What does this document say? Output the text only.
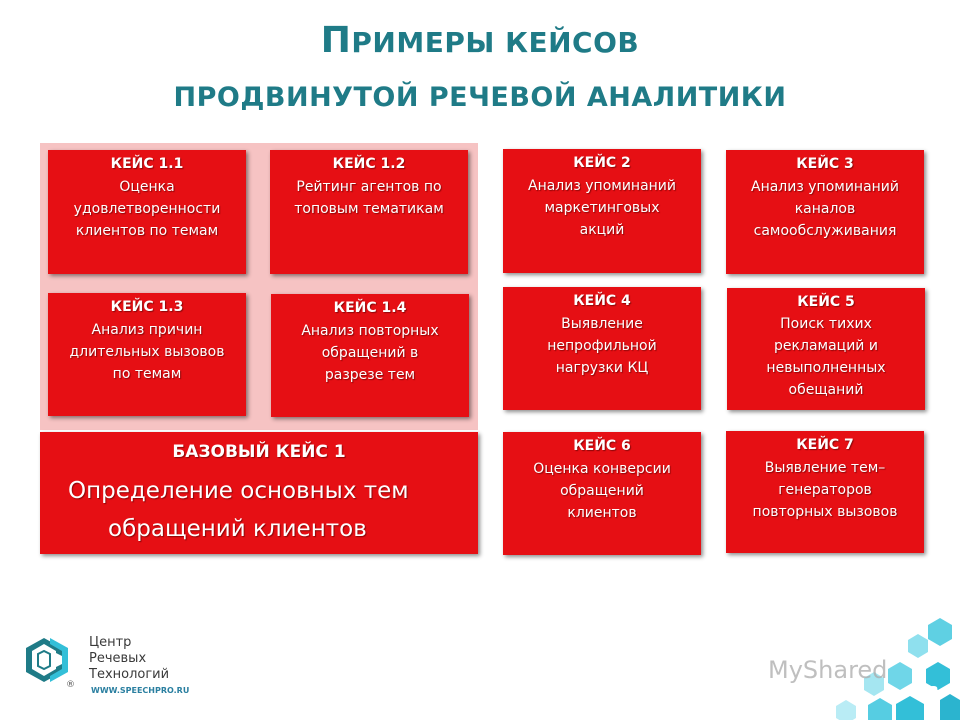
ПРИМЕРЫ КЕЙСОВ
ПРОДВИНУТОЙ РЕЧЕВОЙ АНАЛИТИКИ
КЕЙС 1.1
Оценка
удовлетворенности
клиентов по темам
КЕЙС 1.2
Рейтинг агентов по
топовым тематикам
КЕЙС 1.3
Анализ причин
длительных вызовов
по темам
КЕЙС 1.4
Анализ повторных
обращений в
разрезе тем
КЕЙС 2
Анализ упоминаний
маркетинговых
акций
КЕЙС 3
Анализ упоминаний
каналов
самообслуживания
КЕЙС 4
Выявление
непрофильной
нагрузки КЦ
КЕЙС 5
Поиск тихих
рекламаций и
невыполненных
обещаний
КЕЙС 6
Оценка конверсии
обращений
клиентов
КЕЙС 7
Выявление тем–
генераторов
повторных вызовов
БАЗОВЫЙ КЕЙС 1
Определение основных тем
обращений клиентов
Центр
Речевых
Технологий
®
WWW.SPEECHPRO.RU
MyShared
23
